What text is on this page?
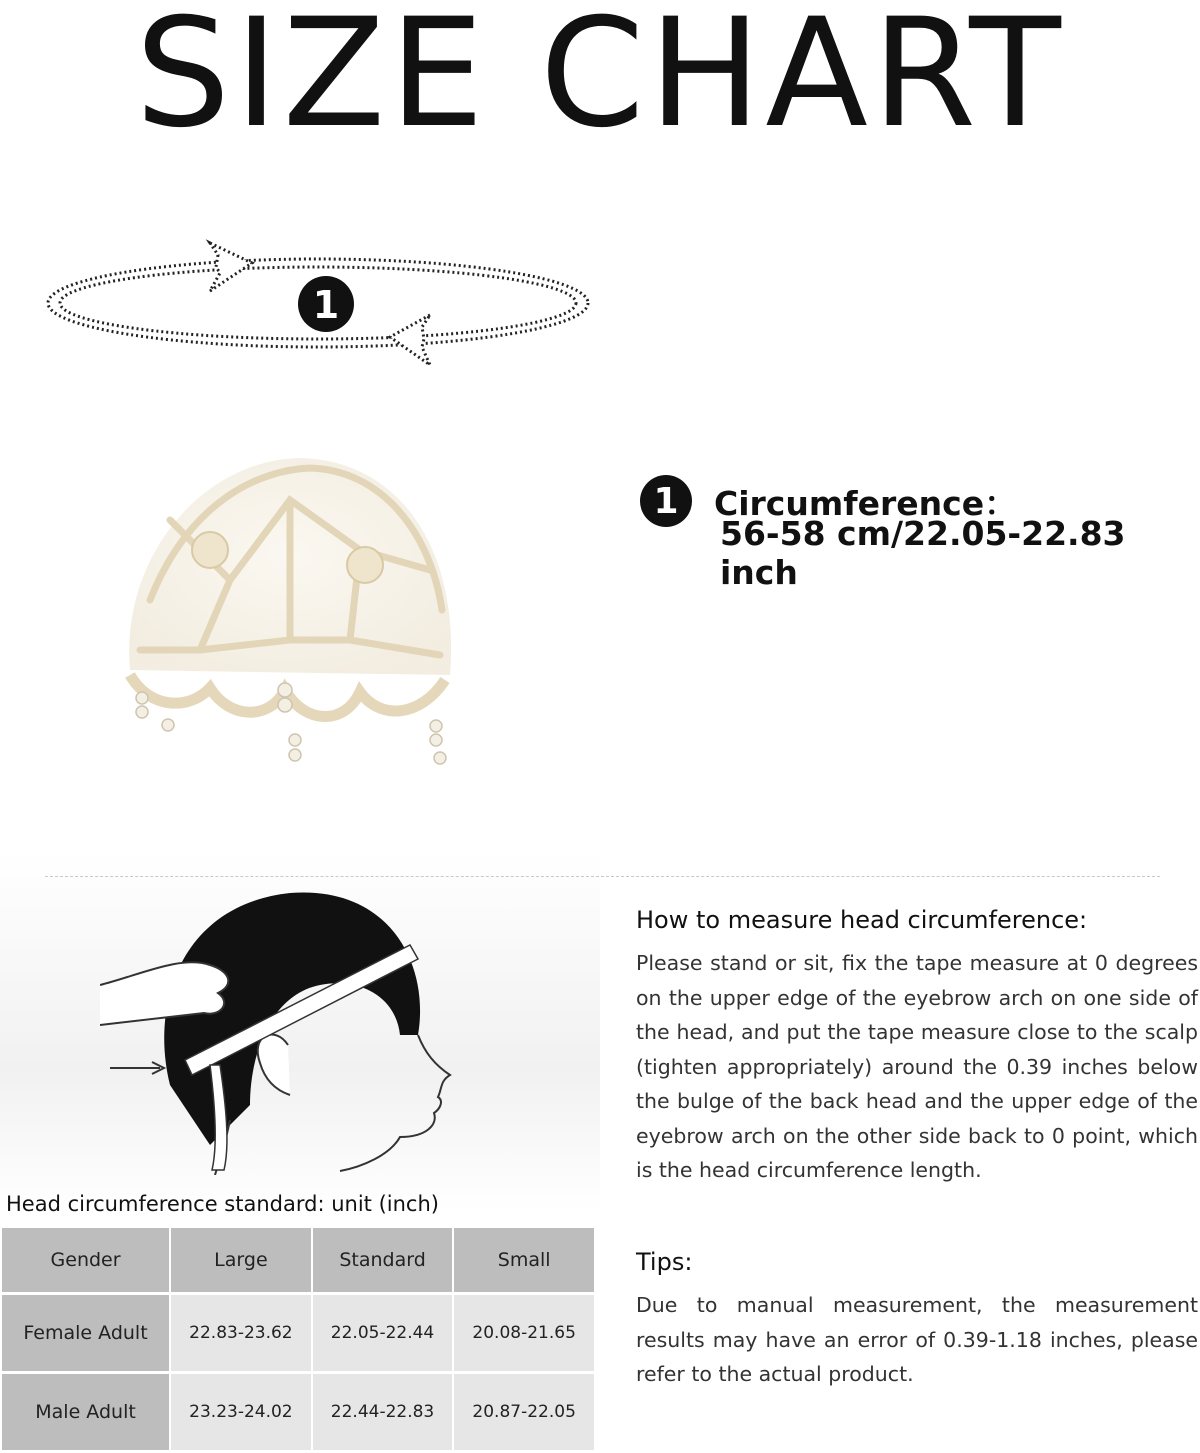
SIZE CHART
1
1	Circumference：
56-58 cm/22.05-22.83 inch
Head circumference standard: unit (inch)
Gender	Large	Standard	Small
Female Adult	22.83-23.62	22.05-22.44	20.08-21.65
Male Adult	23.23-24.02	22.44-22.83	20.87-22.05

How to measure head circumference:

Please stand or sit, fix the tape measure at 0 degrees on the upper edge of the eyebrow arch on one side of the head, and put the tape measure close to the scalp (tighten appropriately) around the 0.39 inches below the bulge of the back head and the upper edge of the eyebrow arch on the other side back to 0 point, which is the head circumference length.

Tips:

Due to manual measurement, the measurement results may have an error of 0.39-1.18 inches, please refer to the actual product.
